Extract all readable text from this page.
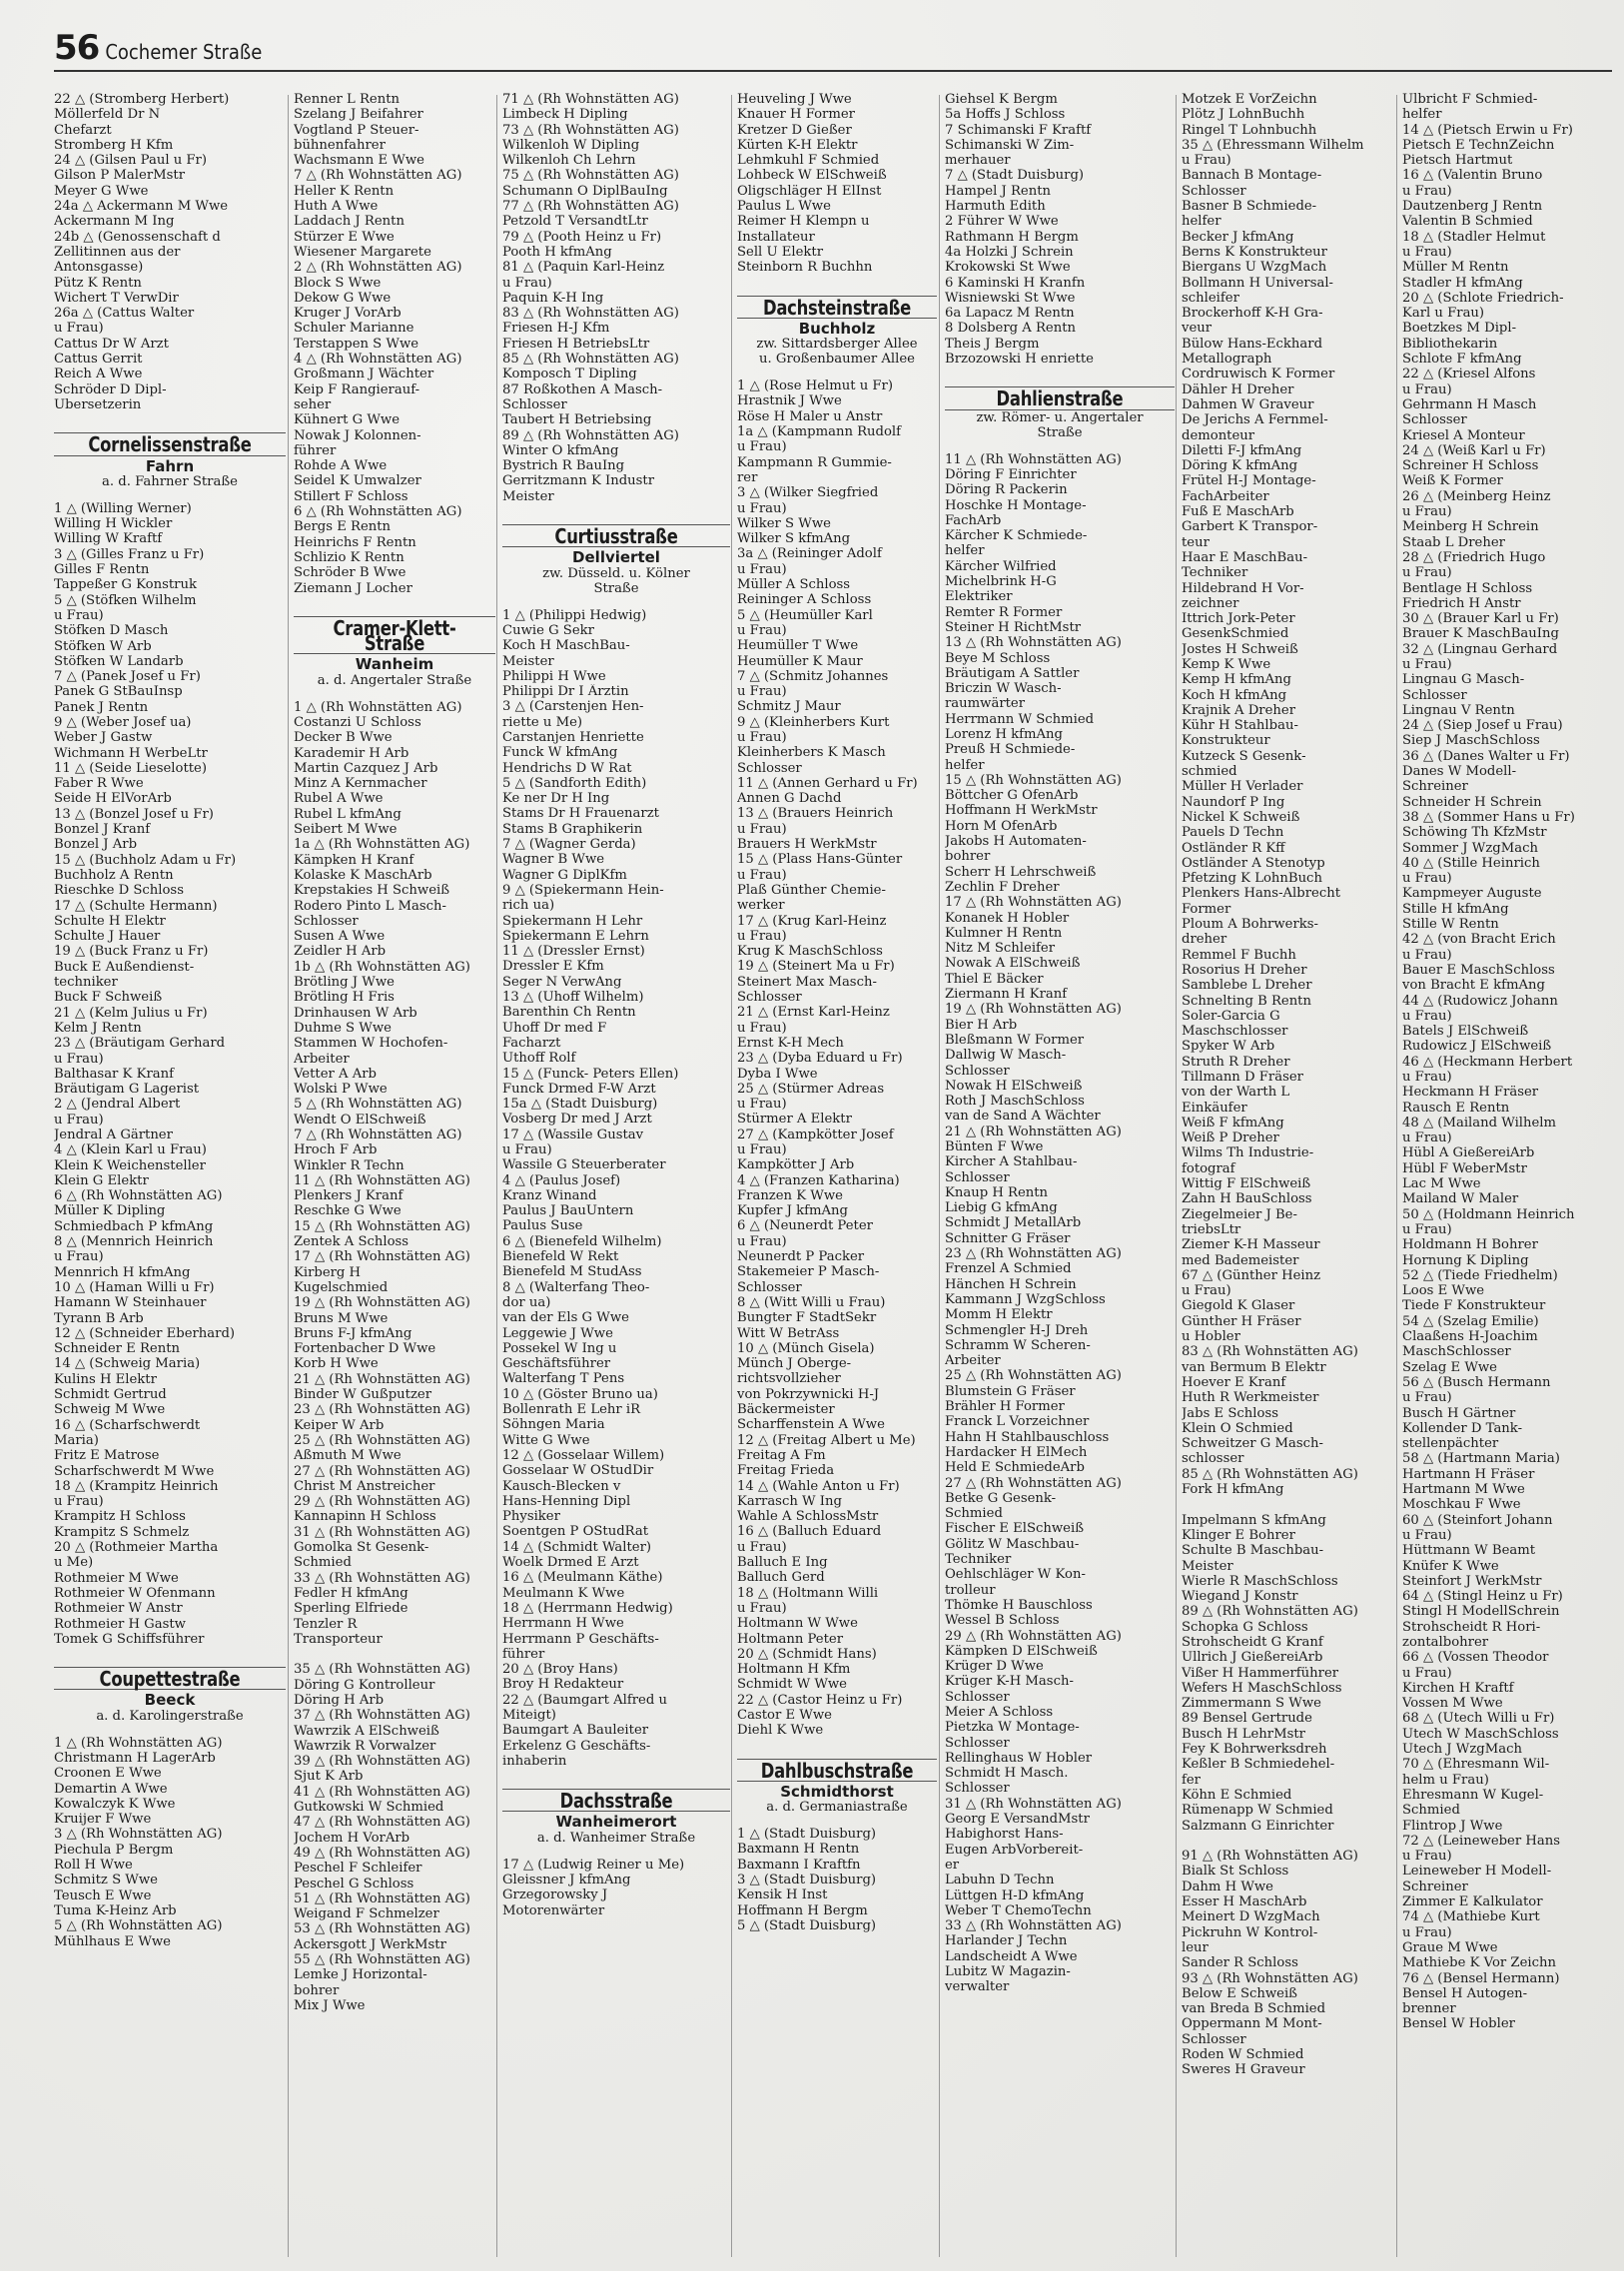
56 Cochemer Straße
22 △ (Stromberg Herbert)
Möllerfeld Dr N
Chefarzt
Stromberg H Kfm
24 △ (Gilsen Paul u Fr)
Gilson P MalerMstr
Meyer G Wwe
24a △ Ackermann M Wwe
Ackermann M Ing
24b △ (Genossenschaft d
Zellitinnen aus der
Antonsgasse)
Pütz K Rentn
Wichert T VerwDir
26a △ (Cattus Walter
u Frau)
Cattus Dr W Arzt
Cattus Gerrit
Reich A Wwe
Schröder D Dipl-
Übersetzerin
Cornelissenstraße
Fahrn
a. d. Fahrner Straße
1 △ (Willing Werner)
Willing H Wickler
Willing W Kraftf
3 △ (Gilles Franz u Fr)
Gilles F Rentn
Tappeßer G Konstruk
5 △ (Stöfken Wilhelm
u Frau)
Stöfken D Masch
Stöfken W Arb
Stöfken W Landarb
7 △ (Panek Josef u Fr)
Panek G StBauInsp
Panek J Rentn
9 △ (Weber Josef ua)
Weber J Gastw
Wichmann H WerbeLtr
11 △ (Seide Lieselotte)
Faber R Wwe
Seide H ElVorArb
13 △ (Bonzel Josef u Fr)
Bonzel J Kranf
Bonzel J Arb
15 △ (Buchholz Adam u Fr)
Buchholz A Rentn
Rieschke D Schloss
17 △ (Schulte Hermann)
Schulte H Elektr
Schulte J Hauer
19 △ (Buck Franz u Fr)
Buck E Außendienst-
techniker
Buck F Schweiß
21 △ (Kelm Julius u Fr)
Kelm J Rentn
23 △ (Bräutigam Gerhard
u Frau)
Balthasar K Kranf
Bräutigam G Lagerist
2 △ (Jendral Albert
u Frau)
Jendral A Gärtner
4 △ (Klein Karl u Frau)
Klein K Weichensteller
Klein G Elektr
6 △ (Rh Wohnstätten AG)
Müller K Dipling
Schmiedbach P kfmAng
8 △ (Mennrich Heinrich
u Frau)
Mennrich H kfmAng
10 △ (Haman Willi u Fr)
Hamann W Steinhauer
Tyrann B Arb
12 △ (Schneider Eberhard)
Schneider E Rentn
14 △ (Schweig Maria)
Kulins H Elektr
Schmidt Gertrud
Schweig M Wwe
16 △ (Scharfschwerdt
Maria)
Fritz E Matrose
Scharfschwerdt M Wwe
18 △ (Krampitz Heinrich
u Frau)
Krampitz H Schloss
Krampitz S Schmelz
20 △ (Rothmeier Martha
u Me)
Rothmeier M Wwe
Rothmeier W Ofenmann
Rothmeier W Anstr
Rothmeier H Gastw
Tomek G Schiffsführer
Coupettestraße
Beeck
a. d. Karolingerstraße
1 △ (Rh Wohnstätten AG)
Christmann H LagerArb
Croonen E Wwe
Demartin A Wwe
Kowalczyk K Wwe
Kruijer F Wwe
3 △ (Rh Wohnstätten AG)
Piechula P Bergm
Roll H Wwe
Schmitz S Wwe
Teusch E Wwe
Tuma K-Heinz Arb
5 △ (Rh Wohnstätten AG)
Mühlhaus E Wwe
Renner L Rentn
Szelang J Beifahrer
Vogtland P Steuer-
bühnenfahrer
Wachsmann E Wwe
7 △ (Rh Wohnstätten AG)
Heller K Rentn
Huth A Wwe
Laddach J Rentn
Stürzer E Wwe
Wiesener Margarete
2 △ (Rh Wohnstätten AG)
Block S Wwe
Dekow G Wwe
Kruger J VorArb
Schuler Marianne
Terstappen S Wwe
4 △ (Rh Wohnstätten AG)
Großmann J Wächter
Keip F Rangierauf-
seher
Kühnert G Wwe
Nowak J Kolonnen-
führer
Rohde A Wwe
Seidel K Umwalzer
Stillert F Schloss
6 △ (Rh Wohnstätten AG)
Bergs E Rentn
Heinrichs F Rentn
Schlizio K Rentn
Schröder B Wwe
Ziemann J Locher
Cramer-Klett-Straße
Wanheim
a. d. Angertaler Straße
1 △ (Rh Wohnstätten AG)
Costanzi U Schloss
Decker B Wwe
Karademir H Arb
Martin Cazquez J Arb
Minz A Kernmacher
Rubel A Wwe
Rubel L kfmAng
Seibert M Wwe
1a △ (Rh Wohnstätten AG)
Kämpken H Kranf
Kolaske K MaschArb
Krepstakies H Schweiß
Rodero Pinto L Masch-
Schlosser
Susen A Wwe
Zeidler H Arb
1b △ (Rh Wohnstätten AG)
Brötling J Wwe
Brötling H Fris
Drinhausen W Arb
Duhme S Wwe
Stammen W Hochofen-
Arbeiter
Vetter A Arb
Wolski P Wwe
5 △ (Rh Wohnstätten AG)
Wendt O ElSchweiß
7 △ (Rh Wohnstätten AG)
Hroch F Arb
Winkler R Techn
11 △ (Rh Wohnstätten AG)
Plenkers J Kranf
Reschke G Wwe
15 △ (Rh Wohnstätten AG)
Zentek A Schloss
17 △ (Rh Wohnstätten AG)
Kirberg H
Kugelschmied
19 △ (Rh Wohnstätten AG)
Bruns M Wwe
Bruns F-J kfmAng
Fortenbacher D Wwe
Korb H Wwe
21 △ (Rh Wohnstätten AG)
Binder W Gußputzer
23 △ (Rh Wohnstätten AG)
Keiper W Arb
25 △ (Rh Wohnstätten AG)
Aßmuth M Wwe
27 △ (Rh Wohnstätten AG)
Christ M Anstreicher
29 △ (Rh Wohnstätten AG)
Kannapinn H Schloss
31 △ (Rh Wohnstätten AG)
Gomolka St Gesenk-
Schmied
33 △ (Rh Wohnstätten AG)
Fedler H kfmAng
Sperling Elfriede
Tenzler R
Transporteur

35 △ (Rh Wohnstätten AG)
Döring G Kontrolleur
Döring H Arb
37 △ (Rh Wohnstätten AG)
Wawrzik A ElSchweiß
Wawrzik R Vorwalzer
39 △ (Rh Wohnstätten AG)
Sjut K Arb
41 △ (Rh Wohnstätten AG)
Gutkowski W Schmied
47 △ (Rh Wohnstätten AG)
Jochem H VorArb
49 △ (Rh Wohnstätten AG)
Peschel F Schleifer
Peschel G Schloss
51 △ (Rh Wohnstätten AG)
Weigand F Schmelzer
53 △ (Rh Wohnstätten AG)
Ackersgott J WerkMstr
55 △ (Rh Wohnstätten AG)
Lemke J Horizontal-
bohrer
Mix J Wwe
71 △ (Rh Wohnstätten AG)
Limbeck H Dipling
73 △ (Rh Wohnstätten AG)
Wilkenloh W Dipling
Wilkenloh Ch Lehrn
75 △ (Rh Wohnstätten AG)
Schumann O DiplBauIng
77 △ (Rh Wohnstätten AG)
Petzold T VersandtLtr
79 △ (Pooth Heinz u Fr)
Pooth H kfmAng
81 △ (Paquin Karl-Heinz
u Frau)
Paquin K-H Ing
83 △ (Rh Wohnstätten AG)
Friesen H-J Kfm
Friesen H BetriebsLtr
85 △ (Rh Wohnstätten AG)
Komposch T Dipling
87 Roßkothen A Masch-
Schlosser
Taubert H Betriebsing
89 △ (Rh Wohnstätten AG)
Winter O kfmAng
Bystrich R BauIng
Gerritzmann K Industr
Meister
Curtiusstraße
Dellviertel
zw. Düsseld. u. Kölner
Straße
1 △ (Philippi Hedwig)
Cuwie G Sekr
Koch H MaschBau-
Meister
Philippi H Wwe
Philippi Dr I Ärztin
3 △ (Carstenjen Hen-
riette u Me)
Carstanjen Henriette
Funck W kfmAng
Hendrichs D W Rat
5 △ (Sandforth Edith)
Ke ner Dr H Ing
Stams Dr H Frauenarzt
Stams B Graphikerin
7 △ (Wagner Gerda)
Wagner B Wwe
Wagner G DiplKfm
9 △ (Spiekermann Hein-
rich ua)
Spiekermann H Lehr
Spiekermann E Lehrn
11 △ (Dressler Ernst)
Dressler E Kfm
Seger N VerwAng
13 △ (Uhoff Wilhelm)
Barenthin Ch Rentn
Uhoff Dr med F
Facharzt
Uthoff Rolf
15 △ (Funck- Peters Ellen)
Funck Drmed F-W Arzt
15a △ (Stadt Duisburg)
Vosberg Dr med J Arzt
17 △ (Wassile Gustav
u Frau)
Wassile G Steuerberater
4 △ (Paulus Josef)
Kranz Winand
Paulus J BauUntern
Paulus Suse
6 △ (Bienefeld Wilhelm)
Bienefeld W Rekt
Bienefeld M StudAss
8 △ (Walterfang Theo-
dor ua)
van der Els G Wwe
Leggewie J Wwe
Possekel W Ing u
Geschäftsführer
Walterfang T Pens
10 △ (Göster Bruno ua)
Bollenrath E Lehr iR
Söhngen Maria
Witte G Wwe
12 △ (Gosselaar Willem)
Gosselaar W OStudDir
Kausch-Blecken v
Hans-Henning Dipl
Physiker
Soentgen P OStudRat
14 △ (Schmidt Walter)
Woelk Drmed E Arzt
16 △ (Meulmann Käthe)
Meulmann K Wwe
18 △ (Herrmann Hedwig)
Herrmann H Wwe
Herrmann P Geschäfts-
führer
20 △ (Broy Hans)
Broy H Redakteur
22 △ (Baumgart Alfred u
Miteigt)
Baumgart A Bauleiter
Erkelenz G Geschäfts-
inhaberin
Dachsstraße
Wanheimerort
a. d. Wanheimer Straße
17 △ (Ludwig Reiner u Me)
Gleissner J kfmAng
Grzegorowsky J
Motorenwärter
Heuveling J Wwe
Knauer H Former
Kretzer D Gießer
Kürten K-H Elektr
Lehmkuhl F Schmied
Lohbeck W ElSchweiß
Oligschläger H ElInst
Paulus L Wwe
Reimer H Klempn u
Installateur
Sell U Elektr
Steinborn R Buchhn
Dachsteinstraße
Buchholz
zw. Sittardsberger Allee
u. Großenbaumer Allee
1 △ (Rose Helmut u Fr)
Hrastnik J Wwe
Röse H Maler u Anstr
1a △ (Kampmann Rudolf
u Frau)
Kampmann R Gummie-
rer
3 △ (Wilker Siegfried
u Frau)
Wilker S Wwe
Wilker S kfmAng
3a △ (Reininger Adolf
u Frau)
Müller A Schloss
Reininger A Schloss
5 △ (Heumüller Karl
u Frau)
Heumüller T Wwe
Heumüller K Maur
7 △ (Schmitz Johannes
u Frau)
Schmitz J Maur
9 △ (Kleinherbers Kurt
u Frau)
Kleinherbers K Masch
Schlosser
11 △ (Annen Gerhard u Fr)
Annen G Dachd
13 △ (Brauers Heinrich
u Frau)
Brauers H WerkMstr
15 △ (Plass Hans-Günter
u Frau)
Plaß Günther Chemie-
werker
17 △ (Krug Karl-Heinz
u Frau)
Krug K MaschSchloss
19 △ (Steinert Ma u Fr)
Steinert Max Masch-
Schlosser
21 △ (Ernst Karl-Heinz
u Frau)
Ernst K-H Mech
23 △ (Dyba Eduard u Fr)
Dyba I Wwe
25 △ (Stürmer Adreas
u Frau)
Stürmer A Elektr
27 △ (Kampkötter Josef
u Frau)
Kampkötter J Arb
4 △ (Franzen Katharina)
Franzen K Wwe
Kupfer J kfmAng
6 △ (Neunerdt Peter
u Frau)
Neunerdt P Packer
Stakemeier P Masch-
Schlosser
8 △ (Witt Willi u Frau)
Bungter F StadtSekr
Witt W BetrAss
10 △ (Münch Gisela)
Münch J Oberge-
richtsvollzieher
von Pokrzywnicki H-J
Bäckermeister
Scharffenstein A Wwe
12 △ (Freitag Albert u Me)
Freitag A Fm
Freitag Frieda
14 △ (Wahle Anton u Fr)
Karrasch W Ing
Wahle A SchlossMstr
16 △ (Balluch Eduard
u Frau)
Balluch E Ing
Balluch Gerd
18 △ (Holtmann Willi
u Frau)
Holtmann W Wwe
Holtmann Peter
20 △ (Schmidt Hans)
Holtmann H Kfm
Schmidt W Wwe
22 △ (Castor Heinz u Fr)
Castor E Wwe
Diehl K Wwe
Dahlbuschstraße
Schmidthorst
a. d. Germaniastraße
1 △ (Stadt Duisburg)
Baxmann H Rentn
Baxmann I Kraftfn
3 △ (Stadt Duisburg)
Kensik H Inst
Hoffmann H Bergm
5 △ (Stadt Duisburg)
Giehsel K Bergm
5a Hoffs J Schloss
7 Schimanski F Kraftf
Schimanski W Zim-
merhauer
7 △ (Stadt Duisburg)
Hampel J Rentn
Harmuth Edith
2 Führer W Wwe
Rathmann H Bergm
4a Holzki J Schrein
Krokowski St Wwe
6 Kaminski H Kranfn
Wisniewski St Wwe
6a Lapacz M Rentn
8 Dolsberg A Rentn
Theis J Bergm
Brzozowski H enriette
Dahlienstraße
zw. Römer- u. Angertaler
Straße
11 △ (Rh Wohnstätten AG)
Döring F Einrichter
Döring R Packerin
Hoschke H Montage-
FachArb
Kärcher K Schmiede-
helfer
Kärcher Wilfried
Michelbrink H-G
Elektriker
Remter R Former
Steiner H RichtMstr
13 △ (Rh Wohnstätten AG)
Beye M Schloss
Bräutigam A Sattler
Briczin W Wasch-
raumwärter
Herrmann W Schmied
Lorenz H kfmAng
Preuß H Schmiede-
helfer
15 △ (Rh Wohnstätten AG)
Böttcher G OfenArb
Hoffmann H WerkMstr
Horn M OfenArb
Jakobs H Automaten-
bohrer
Scherr H Lehrschweiß
Zechlin F Dreher
17 △ (Rh Wohnstätten AG)
Konanek H Hobler
Kulmner H Rentn
Nitz M Schleifer
Nowak A ElSchweiß
Thiel E Bäcker
Ziermann H Kranf
19 △ (Rh Wohnstätten AG)
Bier H Arb
Bleßmann W Former
Dallwig W Masch-
Schlosser
Nowak H ElSchweiß
Roth J MaschSchloss
van de Sand A Wächter
21 △ (Rh Wohnstätten AG)
Bünten F Wwe
Kircher A Stahlbau-
Schlosser
Knaup H Rentn
Liebig G kfmAng
Schmidt J MetallArb
Schnitter G Fräser
23 △ (Rh Wohnstätten AG)
Frenzel A Schmied
Hänchen H Schrein
Kammann J WzgSchloss
Momm H Elektr
Schmengler H-J Dreh
Schramm W Scheren-
Arbeiter
25 △ (Rh Wohnstätten AG)
Blumstein G Fräser
Brähler H Former
Franck L Vorzeichner
Hahn H Stahlbauschloss
Hardacker H ElMech
Held E SchmiedeArb
27 △ (Rh Wohnstätten AG)
Betke G Gesenk-
Schmied
Fischer E ElSchweiß
Gölitz W Maschbau-
Techniker
Oehlschläger W Kon-
trolleur
Thömke H Bauschloss
Wessel B Schloss
29 △ (Rh Wohnstätten AG)
Kämpken D ElSchweiß
Krüger D Wwe
Krüger K-H Masch-
Schlosser
Meier A Schloss
Pietzka W Montage-
Schlosser
Rellinghaus W Hobler
Schmidt H Masch.
Schlosser
31 △ (Rh Wohnstätten AG)
Georg E VersandMstr
Habighorst Hans-
Eugen ArbVorbereit-
er
Labuhn D Techn
Lüttgen H-D kfmAng
Weber T ChemoTechn
33 △ (Rh Wohnstätten AG)
Harlander J Techn
Landscheidt A Wwe
Lubitz W Magazin-
verwalter
Motzek E VorZeichn
Plötz J LohnBuchh
Ringel T Lohnbuchh
35 △ (Ehressmann Wilhelm
u Frau)
Bannach B Montage-
Schlosser
Basner B Schmiede-
helfer
Becker J kfmAng
Berns K Konstrukteur
Biergans U WzgMach
Bollmann H Universal-
schleifer
Brockerhoff K-H Gra-
veur
Bülow Hans-Eckhard
Metallograph
Cordruwisch K Former
Dähler H Dreher
Dahmen W Graveur
De Jerichs A Fernmel-
demonteur
Diletti F-J kfmAng
Döring K kfmAng
Frütel H-J Montage-
FachArbeiter
Fuß E MaschArb
Garbert K Transpor-
teur
Haar E MaschBau-
Techniker
Hildebrand H Vor-
zeichner
Ittrich Jork-Peter
GesenkSchmied
Jostes H Schweiß
Kemp K Wwe
Kemp H kfmAng
Koch H kfmAng
Krajnik A Dreher
Kühr H Stahlbau-
Konstrukteur
Kutzeck S Gesenk-
schmied
Müller H Verlader
Naundorf P Ing
Nickel K Schweiß
Pauels D Techn
Ostländer R Kff
Ostländer A Stenotyp
Pfetzing K LohnBuch
Plenkers Hans-Albrecht
Former
Ploum A Bohrwerks-
dreher
Remmel F Buchh
Rosorius H Dreher
Samblebe L Dreher
Schnelting B Rentn
Soler-Garcia G
Maschschlosser
Spyker W Arb
Struth R Dreher
Tillmann D Fräser
von der Warth L
Einkäufer
Weiß F kfmAng
Weiß P Dreher
Wilms Th Industrie-
fotograf
Wittig F ElSchweiß
Zahn H BauSchloss
Ziegelmeier J Be-
triebsLtr
Ziemer K-H Masseur
med Bademeister
67 △ (Günther Heinz
u Frau)
Giegold K Glaser
Günther H Fräser
u Hobler
83 △ (Rh Wohnstätten AG)
van Bermum B Elektr
Hoever E Kranf
Huth R Werkmeister
Jabs E Schloss
Klein O Schmied
Schweitzer G Masch-
schlosser
85 △ (Rh Wohnstätten AG)
Fork H kfmAng

Impelmann S kfmAng
Klinger E Bohrer
Schulte B Maschbau-
Meister
Wierle R MaschSchloss
Wiegand J Konstr
89 △ (Rh Wohnstätten AG)
Schopka G Schloss
Strohscheidt G Kranf
Ullrich J GießereiArb
Vißer H Hammerführer
Wefers H MaschSchloss
Zimmermann S Wwe
89 Bensel Gertrude
Busch H LehrMstr
Fey K Bohrwerksdreh
Keßler B Schmiedehel-
fer
Köhn E Schmied
Rümenapp W Schmied
Salzmann G Einrichter

91 △ (Rh Wohnstätten AG)
Bialk St Schloss
Dahm H Wwe
Esser H MaschArb
Meinert D WzgMach
Pickruhn W Kontrol-
leur
Sander R Schloss
93 △ (Rh Wohnstätten AG)
Below E Schweiß
van Breda B Schmied
Oppermann M Mont-
Schlosser
Roden W Schmied
Sweres H Graveur
Ulbricht F Schmied-
helfer
14 △ (Pietsch Erwin u Fr)
Pietsch E TechnZeichn
Pietsch Hartmut
16 △ (Valentin Bruno
u Frau)
Dautzenberg J Rentn
Valentin B Schmied
18 △ (Stadler Helmut
u Frau)
Müller M Rentn
Stadler H kfmAng
20 △ (Schlote Friedrich-
Karl u Frau)
Boetzkes M Dipl-
Bibliothekarin
Schlote F kfmAng
22 △ (Kriesel Alfons
u Frau)
Gehrmann H Masch
Schlosser
Kriesel A Monteur
24 △ (Weiß Karl u Fr)
Schreiner H Schloss
Weiß K Former
26 △ (Meinberg Heinz
u Frau)
Meinberg H Schrein
Staab L Dreher
28 △ (Friedrich Hugo
u Frau)
Bentlage H Schloss
Friedrich H Anstr
30 △ (Brauer Karl u Fr)
Brauer K MaschBauIng
32 △ (Lingnau Gerhard
u Frau)
Lingnau G Masch-
Schlosser
Lingnau V Rentn
24 △ (Siep Josef u Frau)
Siep J MaschSchloss
36 △ (Danes Walter u Fr)
Danes W Modell-
Schreiner
Schneider H Schrein
38 △ (Sommer Hans u Fr)
Schöwing Th KfzMstr
Sommer J WzgMach
40 △ (Stille Heinrich
u Frau)
Kampmeyer Auguste
Stille H kfmAng
Stille W Rentn
42 △ (von Bracht Erich
u Frau)
Bauer E MaschSchloss
von Bracht E kfmAng
44 △ (Rudowicz Johann
u Frau)
Batels J ElSchweiß
Rudowicz J ElSchweiß
46 △ (Heckmann Herbert
u Frau)
Heckmann H Fräser
Rausch E Rentn
48 △ (Mailand Wilhelm
u Frau)
Hübl A GießereiArb
Hübl F WeberMstr
Lac M Wwe
Mailand W Maler
50 △ (Holdmann Heinrich
u Frau)
Holdmann H Bohrer
Hornung K Dipling
52 △ (Tiede Friedhelm)
Loos E Wwe
Tiede F Konstrukteur
54 △ (Szelag Emilie)
Claaßens H-Joachim
MaschSchlosser
Szelag E Wwe
56 △ (Busch Hermann
u Frau)
Busch H Gärtner
Kollender D Tank-
stellenpächter
58 △ (Hartmann Maria)
Hartmann H Fräser
Hartmann M Wwe
Moschkau F Wwe
60 △ (Steinfort Johann
u Frau)
Hüttmann W Beamt
Knüfer K Wwe
Steinfort J WerkMstr
64 △ (Stingl Heinz u Fr)
Stingl H ModellSchrein
Strohscheidt R Hori-
zontalbohrer
66 △ (Vossen Theodor
u Frau)
Kirchen H Kraftf
Vossen M Wwe
68 △ (Utech Willi u Fr)
Utech W MaschSchloss
Utech J WzgMach
70 △ (Ehresmann Wil-
helm u Frau)
Ehresmann W Kugel-
Schmied
Flintrop J Wwe
72 △ (Leineweber Hans
u Frau)
Leineweber H Modell-
Schreiner
Zimmer E Kalkulator
74 △ (Mathiebe Kurt
u Frau)
Graue M Wwe
Mathiebe K Vor Zeichn
76 △ (Bensel Hermann)
Bensel H Autogen-
brenner
Bensel W Hobler
